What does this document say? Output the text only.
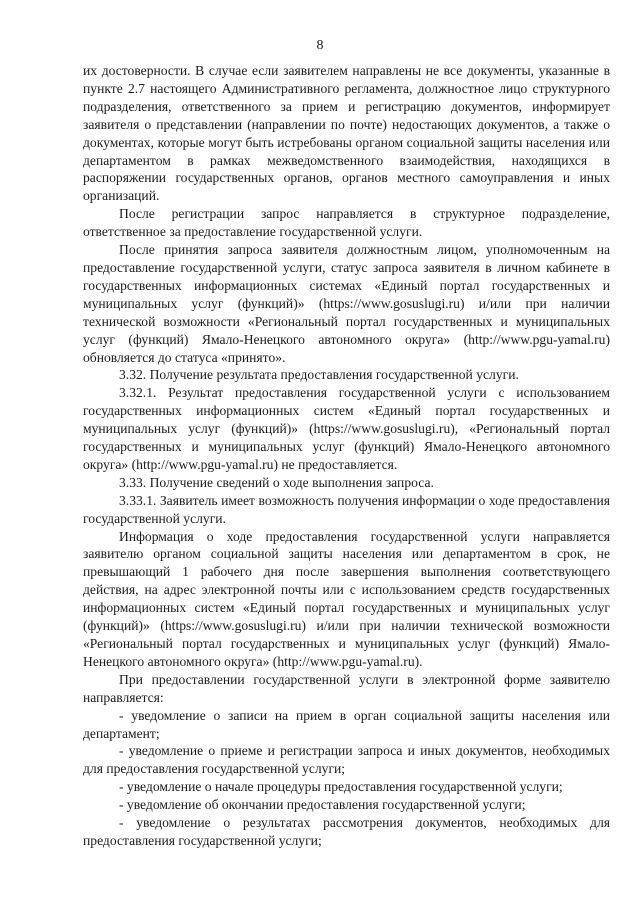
8

их достоверности. В случае если заявителем направлены не все документы, указанные в пункте 2.7 настоящего Административного регламента, должностное лицо структурного подразделения, ответственного за прием и регистрацию документов, информирует заявителя о представлении (направлении по почте) недостающих документов, а также о документах, которые могут быть истребованы органом социальной защиты населения или департаментом в рамках межведомственного взаимодействия, находящихся в распоряжении государственных органов, органов местного самоуправления и иных организаций.

После регистрации запрос направляется в структурное подразделение, ответственное за предоставление государственной услуги.

После принятия запроса заявителя должностным лицом, уполномоченным на предоставление государственной услуги, статус запроса заявителя в личном кабинете в государственных информационных системах «Единый портал государственных и муниципальных услуг (функций)» (https://www.gosuslugi.ru) и/или при наличии технической возможности «Региональный портал государственных и муниципальных услуг (функций) Ямало-Ненецкого автономного округа» (http://www.pgu-yamal.ru) обновляется до статуса «принято».

3.32. Получение результата предоставления государственной услуги.

3.32.1. Результат предоставления государственной услуги с использованием государственных информационных систем «Единый портал государственных и муниципальных услуг (функций)» (https://www.gosuslugi.ru), «Региональный портал государственных и муниципальных услуг (функций) Ямало-Ненецкого автономного округа» (http://www.pgu-yamal.ru) не предоставляется.

3.33. Получение сведений о ходе выполнения запроса.

3.33.1. Заявитель имеет возможность получения информации о ходе предоставления государственной услуги.

Информация о ходе предоставления государственной услуги направляется заявителю органом социальной защиты населения или департаментом в срок, не превышающий 1 рабочего дня после завершения выполнения соответствующего действия, на адрес электронной почты или с использованием средств государственных информационных систем «Единый портал государственных и муниципальных услуг (функций)» (https://www.gosuslugi.ru) и/или при наличии технической возможности «Региональный портал государственных и муниципальных услуг (функций) Ямало-Ненецкого автономного округа» (http://www.pgu-yamal.ru).

При предоставлении государственной услуги в электронной форме заявителю направляется:

- уведомление о записи на прием в орган социальной защиты населения или департамент;

- уведомление о приеме и регистрации запроса и иных документов, необходимых для предоставления государственной услуги;

- уведомление о начале процедуры предоставления государственной услуги;

- уведомление об окончании предоставления государственной услуги;

- уведомление о результатах рассмотрения документов, необходимых для предоставления государственной услуги;
